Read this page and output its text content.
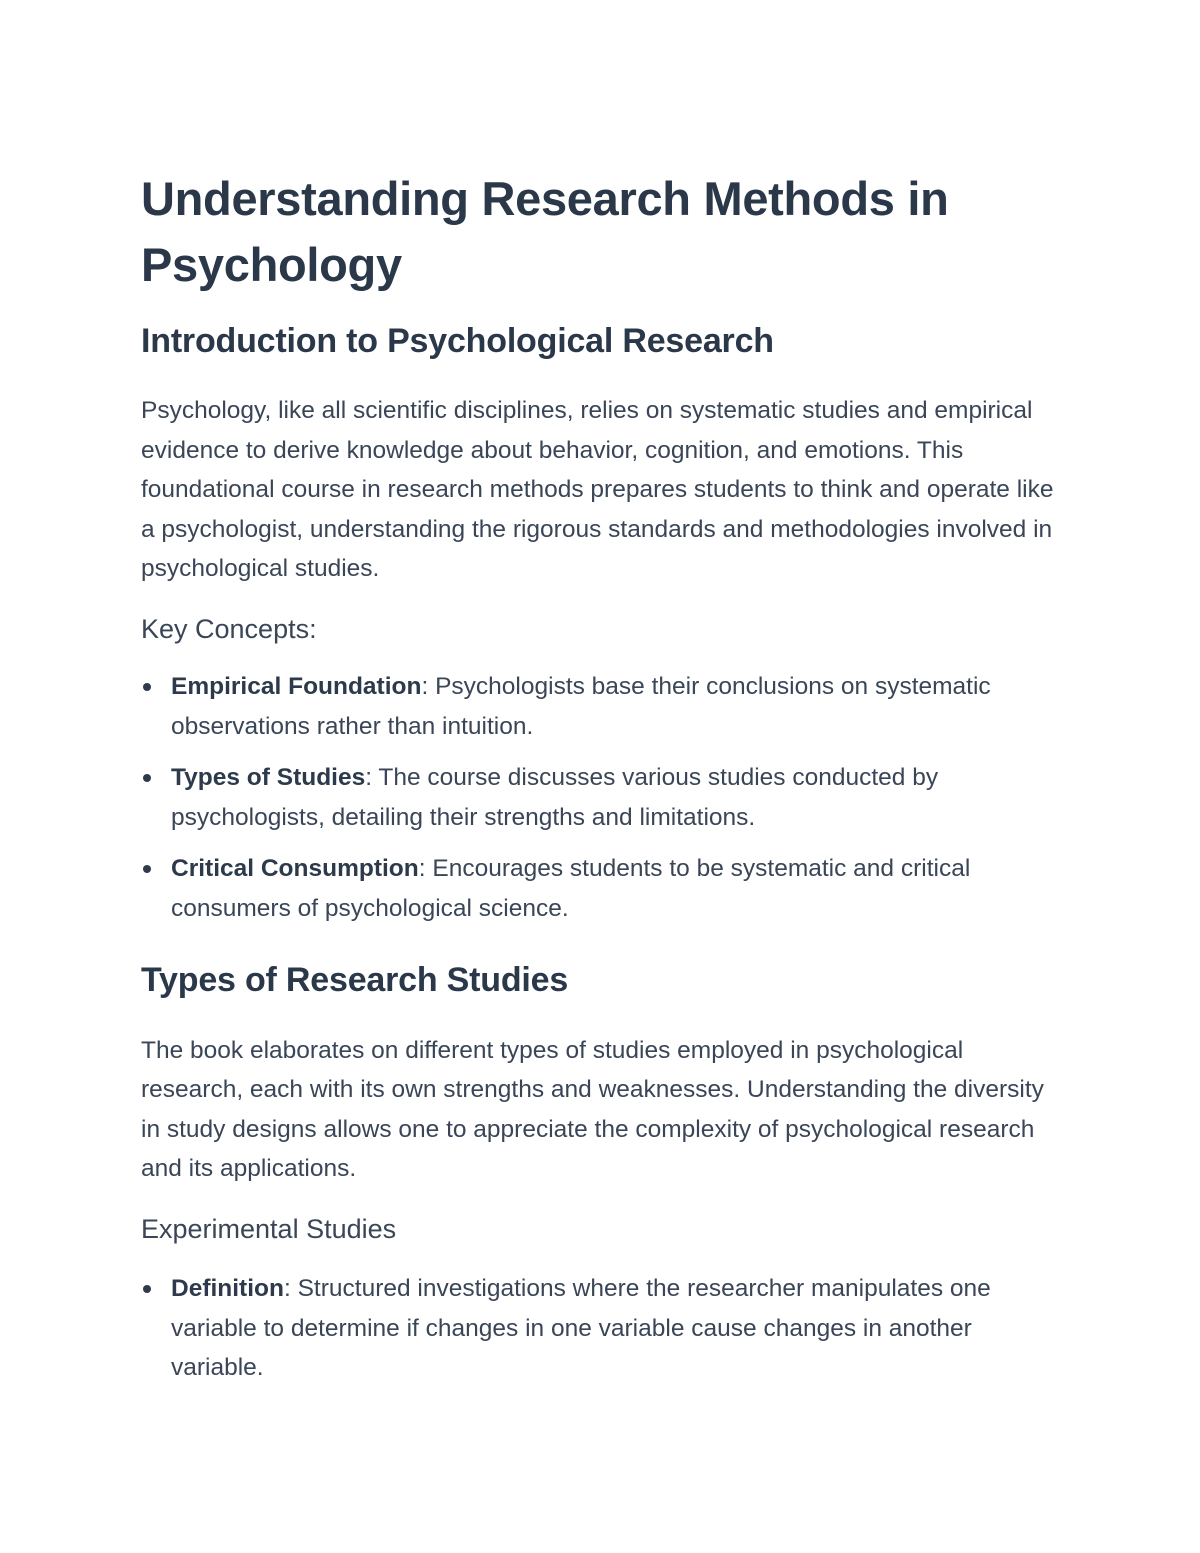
Understanding Research Methods in Psychology
Introduction to Psychological Research

Psychology, like all scientific disciplines, relies on systematic studies and empirical evidence to derive knowledge about behavior, cognition, and emotions. This foundational course in research methods prepares students to think and operate like a psychologist, understanding the rigorous standards and methodologies involved in psychological studies.

Key Concepts:
Empirical Foundation: Psychologists base their conclusions on systematic observations rather than intuition.
Types of Studies: The course discusses various studies conducted by psychologists, detailing their strengths and limitations.
Critical Consumption: Encourages students to be systematic and critical consumers of psychological science.
Types of Research Studies

The book elaborates on different types of studies employed in psychological research, each with its own strengths and weaknesses. Understanding the diversity in study designs allows one to appreciate the complexity of psychological research and its applications.

Experimental Studies
Definition: Structured investigations where the researcher manipulates one variable to determine if changes in one variable cause changes in another variable.
